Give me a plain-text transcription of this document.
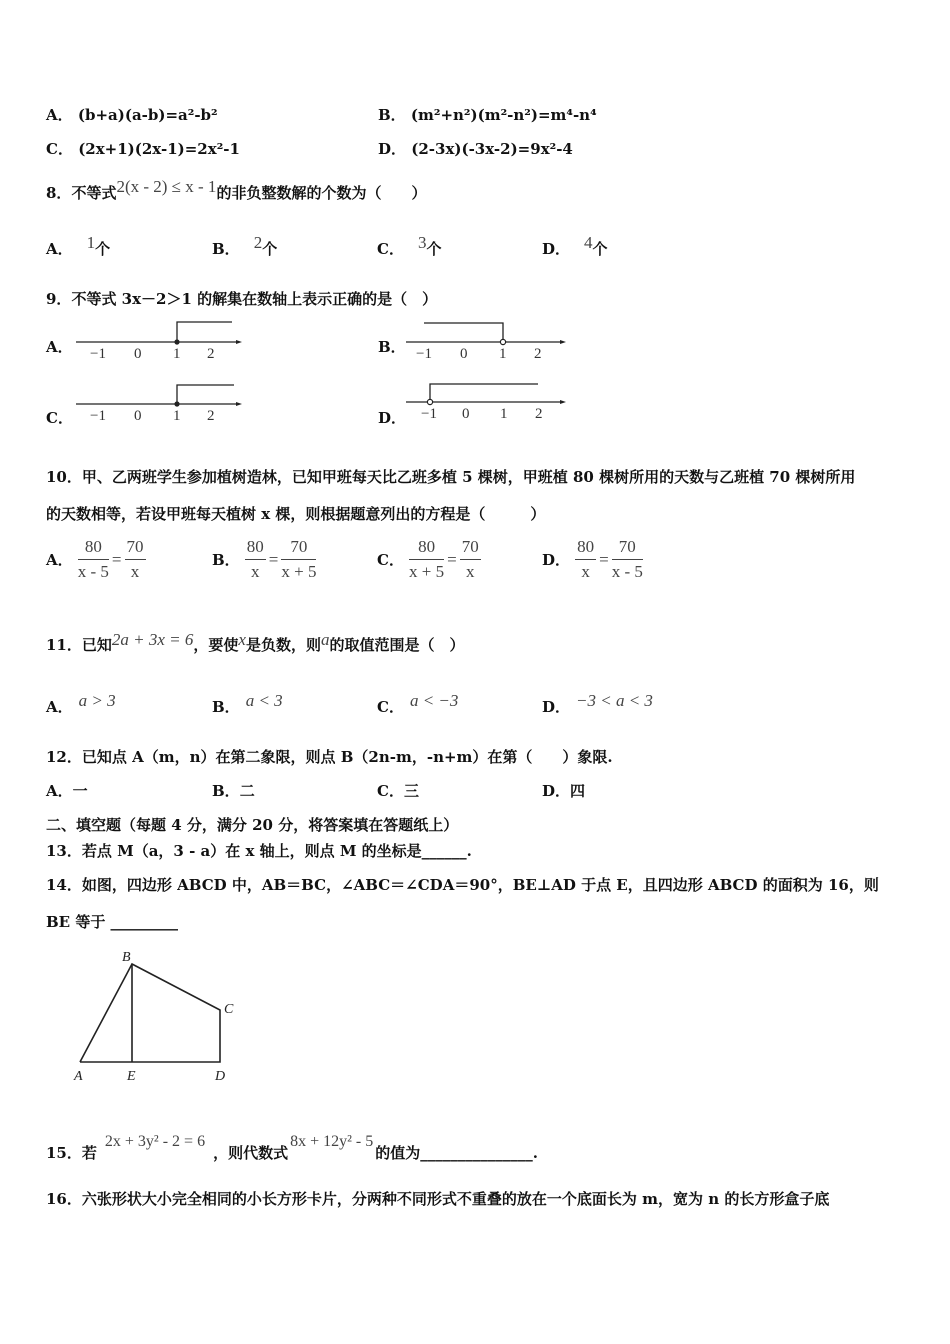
A． (b+a)(a-b)=a²-b²	B． (m²+n²)(m²-n²)=m⁴-n⁴
C． (2x+1)(2x-1)=2x²-1	D． (2-3x)(-3x-2)=9x²-4
8．不等式2(x - 2) ≤ x - 1的非负整数解的个数为（　　）
A． 1个	B． 2个	C． 3个	D． 4个
9．不等式 3x－2＞1 的解集在数轴上表示正确的是（　）
A． −1 0 1 2	B． −1 0 1 2
C． −1 0 1 2	D． −1 0 1 2
10．甲、乙两班学生参加植树造林，已知甲班每天比乙班多植 5 棵树，甲班植 80 棵树所用的天数与乙班植 70 棵树所用
的天数相等，若设甲班每天植树 x 棵，则根据题意列出的方程是（　　　）
A． $\frac{80}{x - 5} = \frac{70}{x}$	B． $\frac{80}{x} = \frac{70}{x + 5}$	C． $\frac{80}{x + 5} = \frac{70}{x}$	D． $\frac{80}{x} = \frac{70}{x - 5}$
11．已知2a + 3x = 6，要使x是负数，则a的取值范围是（　）
A． a > 3	B． a < 3	C． a < −3	D． −3 < a < 3
12．已知点 A（m，n）在第二象限，则点 B（2n-m，-n+m）在第（　　）象限.
A．一	B．二	C．三	D．四
二、填空题（每题 4 分，满分 20 分，将答案填在答题纸上）
13．若点 M（a，3 - a）在 x 轴上，则点 M 的坐标是______.
14．如图，四边形 ABCD 中，AB＝BC，∠ABC＝∠CDA＝90°，BE⊥AD 于点 E，且四边形 ABCD 的面积为 16，则
BE 等于 _________
B
C
A	E	D
15．若2x + 3y² - 2 = 6，则代数式8x + 12y² - 5的值为_______________.
16．六张形状大小完全相同的小长方形卡片，分两种不同形式不重叠的放在一个底面长为 m，宽为 n 的长方形盒子底
